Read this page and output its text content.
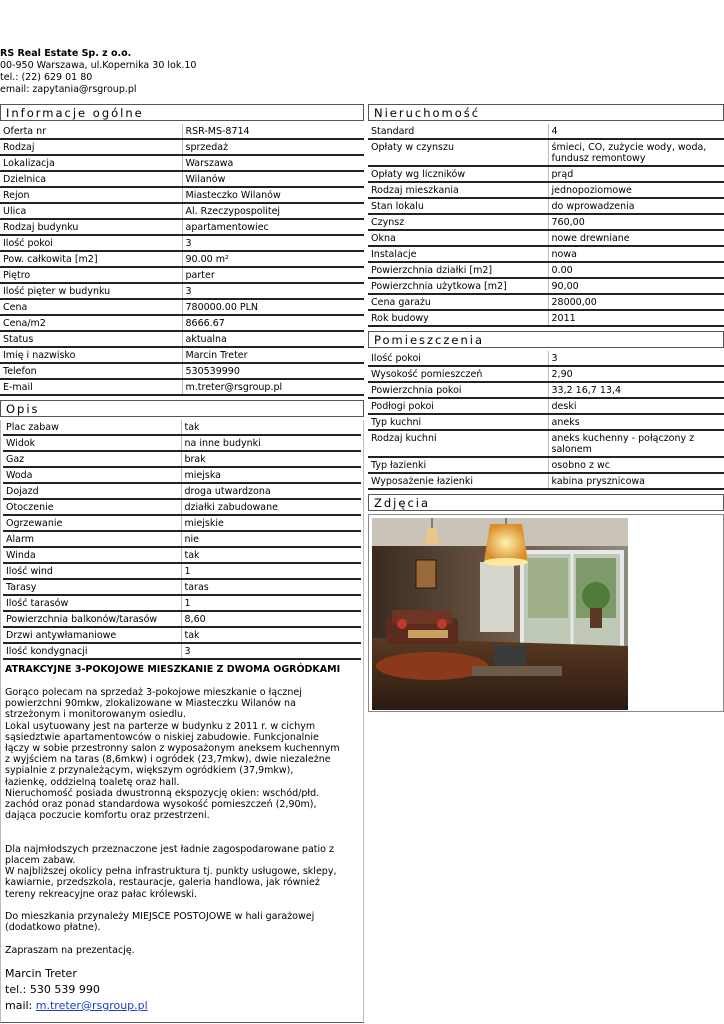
RS Real Estate Sp. z o.o.
00-950 Warszawa, ul.Kopernika 30 lok.10
tel.: (22) 629 01 80
email: zapytania@rsgroup.pl
Informacje ogólne
Oferta nr	RSR-MS-8714
Rodzaj	sprzedaż
Lokalizacja	Warszawa
Dzielnica	Wilanów
Rejon	Miasteczko Wilanów
Ulica	Al. Rzeczypospolitej
Rodzaj budynku	apartamentowiec
Ilość pokoi	3
Pow. całkowita [m2]	90.00 m²
Piętro	parter
Ilość pięter w budynku	3
Cena	780000.00 PLN
Cena/m2	8666.67
Status	aktualna
Imię i nazwisko	Marcin Treter
Telefon	530539990
E-mail	m.treter@rsgroup.pl
Opis
Plac zabaw	tak
Widok	na inne budynki
Gaz	brak
Woda	miejska
Dojazd	droga utwardzona
Otoczenie	działki zabudowane
Ogrzewanie	miejskie
Alarm	nie
Winda	tak
Ilość wind	1
Tarasy	taras
Ilość tarasów	1
Powierzchnia balkonów/tarasów	8,60
Drzwi antywłamaniowe	tak
Ilość kondygnacji	3
ATRAKCYJNE 3-POKOJOWE MIESZKANIE Z DWOMA OGRÓDKAMI
Gorąco polecam na sprzedaż 3-pokojowe mieszkanie o łącznej
powierzchni 90mkw, zlokalizowane w Miasteczku Wilanów na
strzeżonym i monitorowanym osiedlu.
Lokal usytuowany jest na parterze w budynku z 2011 r. w cichym
sąsiedztwie apartamentowców o niskiej zabudowie. Funkcjonalnie
łączy w sobie przestronny salon z wyposażonym aneksem kuchennym
z wyjściem na taras (8,6mkw) i ogródek (23,7mkw), dwie niezależne
sypialnie z przynależącym, większym ogródkiem (37,9mkw),
łazienkę, oddzielną toaletę oraz hall.
Nieruchomość posiada dwustronną ekspozycję okien: wschód/płd.
zachód oraz ponad standardowa wysokość pomieszczeń (2,90m),
dająca poczucie komfortu oraz przestrzeni.

Dla najmłodszych przeznaczone jest ładnie zagospodarowane patio z
placem zabaw.
W najbliższej okolicy pełna infrastruktura tj. punkty usługowe, sklepy,
kawiarnie, przedszkola, restauracje, galeria handlowa, jak również
tereny rekreacyjne oraz pałac królewski.

Do mieszkania przynależy MIEJSCE POSTOJOWE w hali garażowej
(dodatkowo płatne).

Zapraszam na prezentację.
Marcin Treter
tel.: 530 539 990
mail: m.treter@rsgroup.pl
Nieruchomość
Standard	4
Opłaty w czynszu	śmieci, CO, zużycie wody, woda, fundusz remontowy
Opłaty wg liczników	prąd
Rodzaj mieszkania	jednopoziomowe
Stan lokalu	do wprowadzenia
Czynsz	760,00
Okna	nowe drewniane
Instalacje	nowa
Powierzchnia działki [m2]	0.00
Powierzchnia użytkowa [m2]	90,00
Cena garażu	28000,00
Rok budowy	2011
Pomieszczenia
Ilość pokoi	3
Wysokość pomieszczeń	2,90
Powierzchnia pokoi	33,2 16,7 13,4
Podłogi pokoi	deski
Typ kuchni	aneks
Rodzaj kuchni	aneks kuchenny - połączony z salonem
Typ łazienki	osobno z wc
Wyposażenie łazienki	kabina prysznicowa
Zdjęcia
